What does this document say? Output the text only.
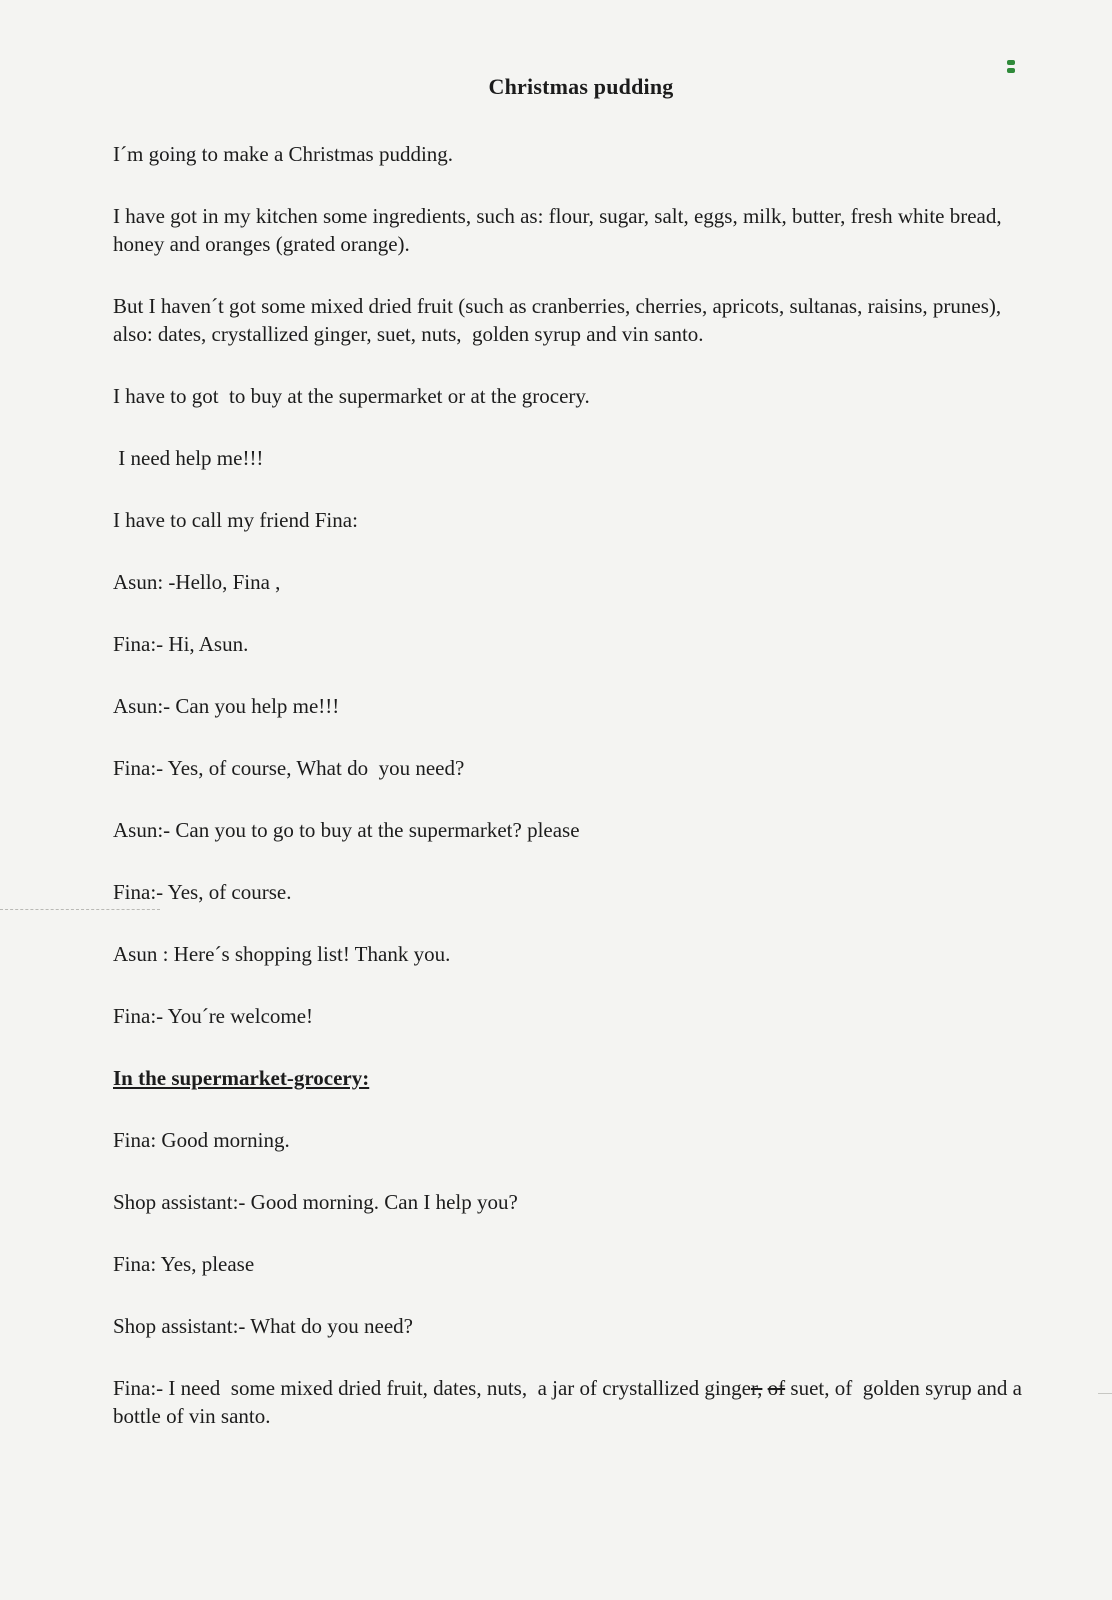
Christmas pudding

I´m going to make a Christmas pudding.

I have got in my kitchen some ingredients, such as: flour, sugar, salt, eggs, milk, butter, fresh white bread, honey and oranges (grated orange).

But I haven´t got some mixed dried fruit (such as cranberries, cherries, apricots, sultanas, raisins, prunes), also: dates, crystallized ginger, suet, nuts,  golden syrup and vin santo.

I have to got  to buy at the supermarket or at the grocery.

I need help me!!!

I have to call my friend Fina:

Asun: -Hello, Fina ,

Fina:- Hi, Asun.

Asun:- Can you help me!!!

Fina:- Yes, of course, What do  you need?

Asun:- Can you to go to buy at the supermarket? please

Fina:- Yes, of course.

Asun : Here´s shopping list! Thank you.

Fina:- You´re welcome!

In the supermarket-grocery:

Fina: Good morning.

Shop assistant:- Good morning. Can I help you?

Fina: Yes, please

Shop assistant:- What do you need?

Fina:- I need  some mixed dried fruit, dates, nuts,  a jar of crystallized ginger, of suet, of  golden syrup and a bottle of vin santo.
